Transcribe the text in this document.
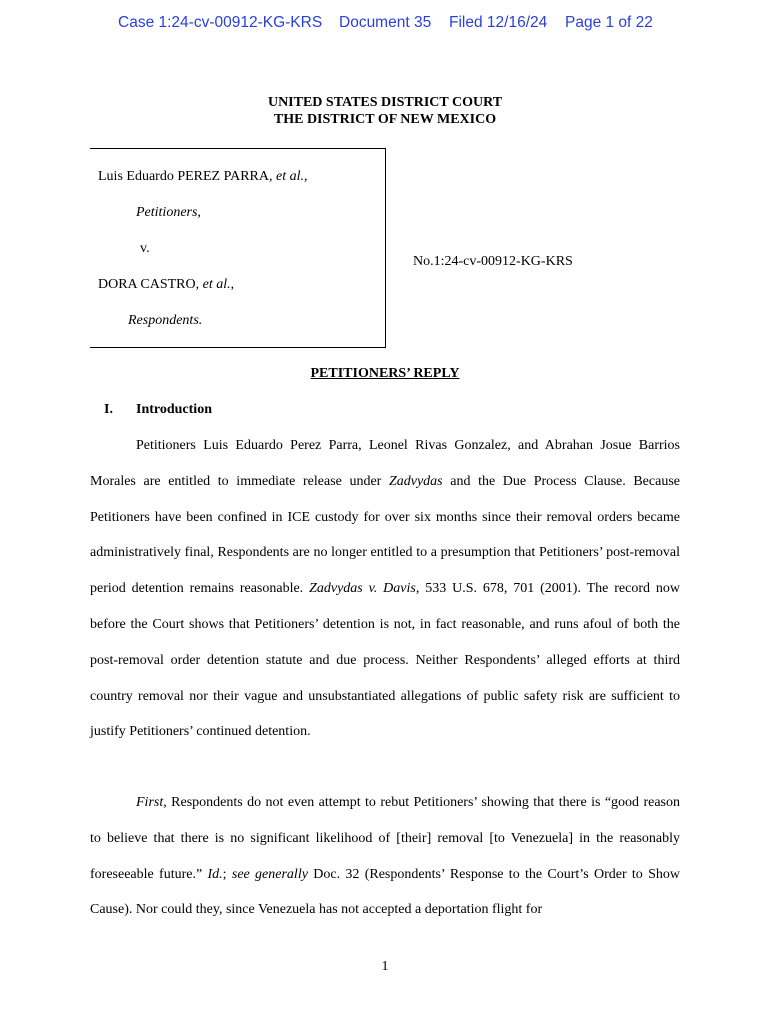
Case 1:24-cv-00912-KG-KRS Document 35 Filed 12/16/24 Page 1 of 22
UNITED STATES DISTRICT COURT
THE DISTRICT OF NEW MEXICO
Luis Eduardo PEREZ PARRA, et al.,
Petitioners,
v.
DORA CASTRO, et al.,
Respondents.
No.1:24-cv-00912-KG-KRS
PETITIONERS’ REPLY
I. Introduction

Petitioners Luis Eduardo Perez Parra, Leonel Rivas Gonzalez, and Abrahan Josue Barrios Morales are entitled to immediate release under Zadvydas and the Due Process Clause. Because Petitioners have been confined in ICE custody for over six months since their removal orders became administratively final, Respondents are no longer entitled to a presumption that Petitioners’ post-removal period detention remains reasonable. Zadvydas v. Davis, 533 U.S. 678, 701 (2001). The record now before the Court shows that Petitioners’ detention is not, in fact reasonable, and runs afoul of both the post-removal order detention statute and due process. Neither Respondents’ alleged efforts at third country removal nor their vague and unsubstantiated allegations of public safety risk are sufficient to justify Petitioners’ continued detention.

First, Respondents do not even attempt to rebut Petitioners’ showing that there is “good reason to believe that there is no significant likelihood of [their] removal [to Venezuela] in the reasonably foreseeable future.” Id.; see generally Doc. 32 (Respondents’ Response to the Court’s Order to Show Cause). Nor could they, since Venezuela has not accepted a deportation flight for

1
